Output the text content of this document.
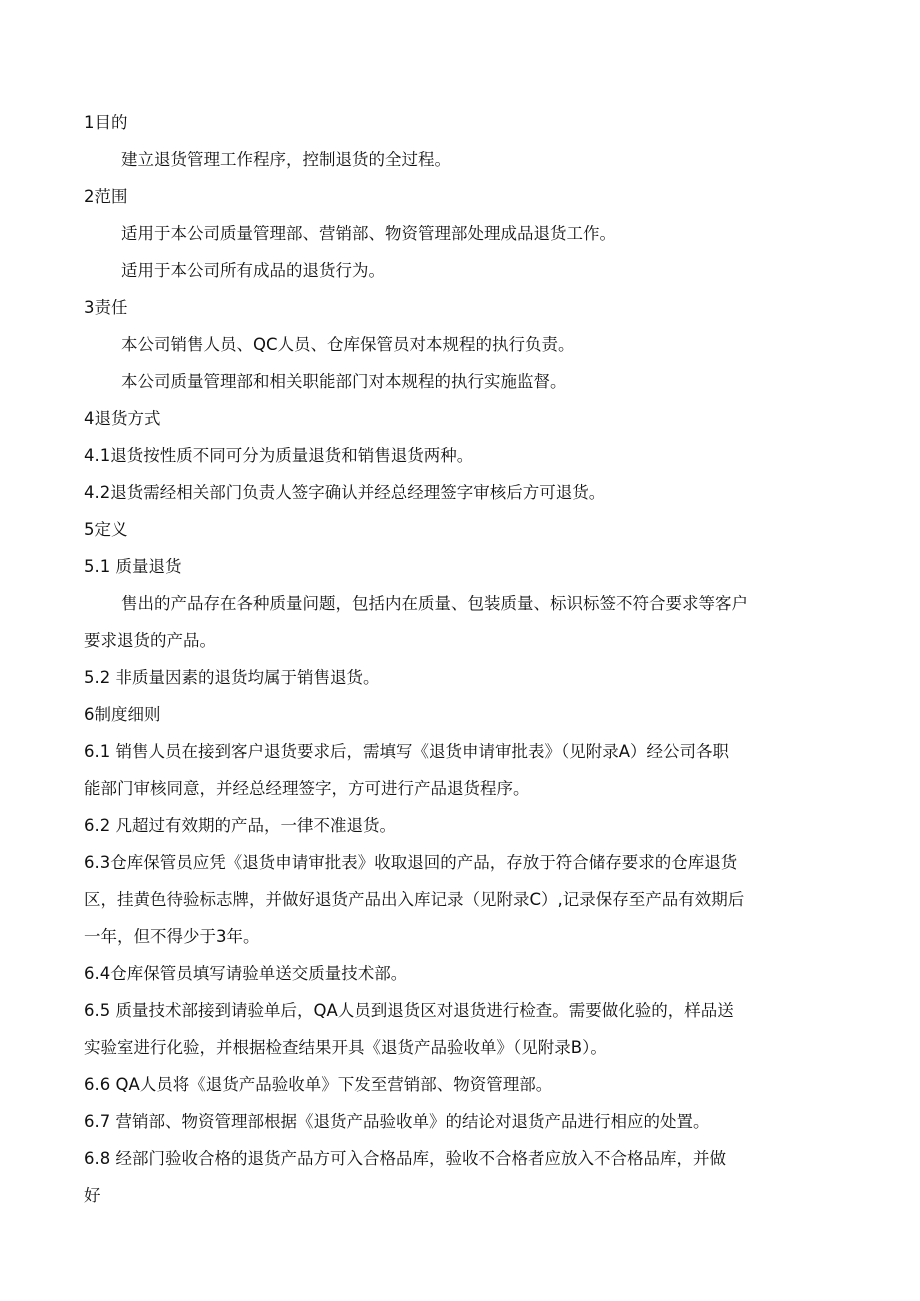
1目的
建立退货管理工作程序，控制退货的全过程。
2范围
适用于本公司质量管理部、营销部、物资管理部处理成品退货工作。
适用于本公司所有成品的退货行为。
3责任
本公司销售人员、QC人员、仓库保管员对本规程的执行负责。
本公司质量管理部和相关职能部门对本规程的执行实施监督。
4退货方式
4.1退货按性质不同可分为质量退货和销售退货两种。
4.2退货需经相关部门负责人签字确认并经总经理签字审核后方可退货。
5定义
5.1 质量退货
售出的产品存在各种质量问题，包括内在质量、包装质量、标识标签不符合要求等客户
要求退货的产品。
5.2 非质量因素的退货均属于销售退货。
6制度细则
6.1 销售人员在接到客户退货要求后，需填写《退货申请审批表》（见附录A）经公司各职
能部门审核同意，并经总经理签字，方可进行产品退货程序。
6.2 凡超过有效期的产品，一律不准退货。
6.3仓库保管员应凭《退货申请审批表》收取退回的产品，存放于符合储存要求的仓库退货
区，挂黄色待验标志牌，并做好退货产品出入库记录（见附录C）,记录保存至产品有效期后
一年，但不得少于3年。
6.4仓库保管员填写请验单送交质量技术部。
6.5 质量技术部接到请验单后，QA人员到退货区对退货进行检查。需要做化验的，样品送
实验室进行化验，并根据检查结果开具《退货产品验收单》（见附录B）。
6.6 QA人员将《退货产品验收单》下发至营销部、物资管理部。
6.7 营销部、物资管理部根据《退货产品验收单》的结论对退货产品进行相应的处置。
6.8 经部门验收合格的退货产品方可入合格品库，验收不合格者应放入不合格品库，并做
好
